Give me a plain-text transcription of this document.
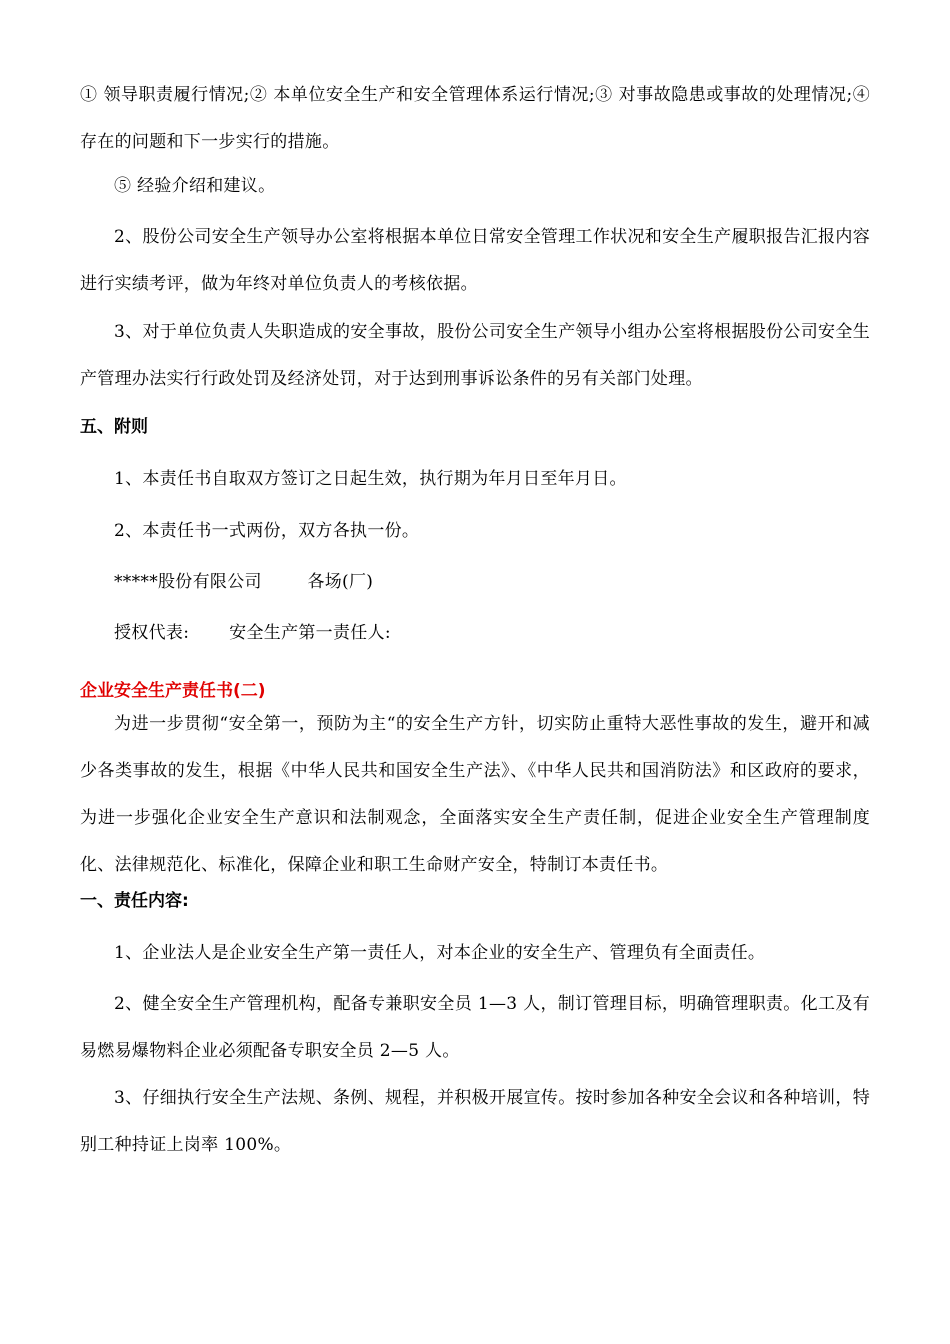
① 领导职责履行情况;② 本单位安全生产和安全管理体系运行情况;③ 对事故隐患或事故的处理情况;④ 存在的问题和下一步实行的措施。

⑤ 经验介绍和建议。

2、股份公司安全生产领导办公室将根据本单位日常安全管理工作状况和安全生产履职报告汇报内容进行实绩考评，做为年终对单位负责人的考核依据。

3、对于单位负责人失职造成的安全事故，股份公司安全生产领导小组办公室将根据股份公司安全生产管理办法实行行政处罚及经济处罚，对于达到刑事诉讼条件的另有关部门处理。

五、附则

1、本责任书自取双方签订之日起生效，执行期为年月日至年月日。

2、本责任书一式两份，双方各执一份。

*****股份有限公司	各场(厂)

授权代表: 安全生产第一责任人:

企业安全生产责任书(二)

为进一步贯彻“安全第一，预防为主“的安全生产方针，切实防止重特大恶性事故的发生，避开和减少各类事故的发生，根据《中华人民共和国安全生产法》、《中华人民共和国消防法》和区政府的要求，为进一步强化企业安全生产意识和法制观念，全面落实安全生产责任制，促进企业安全生产管理制度化、法律规范化、标准化，保障企业和职工生命财产安全，特制订本责任书。

一、责任内容:

1、企业法人是企业安全生产第一责任人，对本企业的安全生产、管理负有全面责任。

2、健全安全生产管理机构，配备专兼职安全员 1—3 人，制订管理目标，明确管理职责。化工及有易燃易爆物料企业必须配备专职安全员 2—5 人。

3、仔细执行安全生产法规、条例、规程，并积极开展宣传。按时参加各种安全会议和各种培训，特别工种持证上岗率 100%。
